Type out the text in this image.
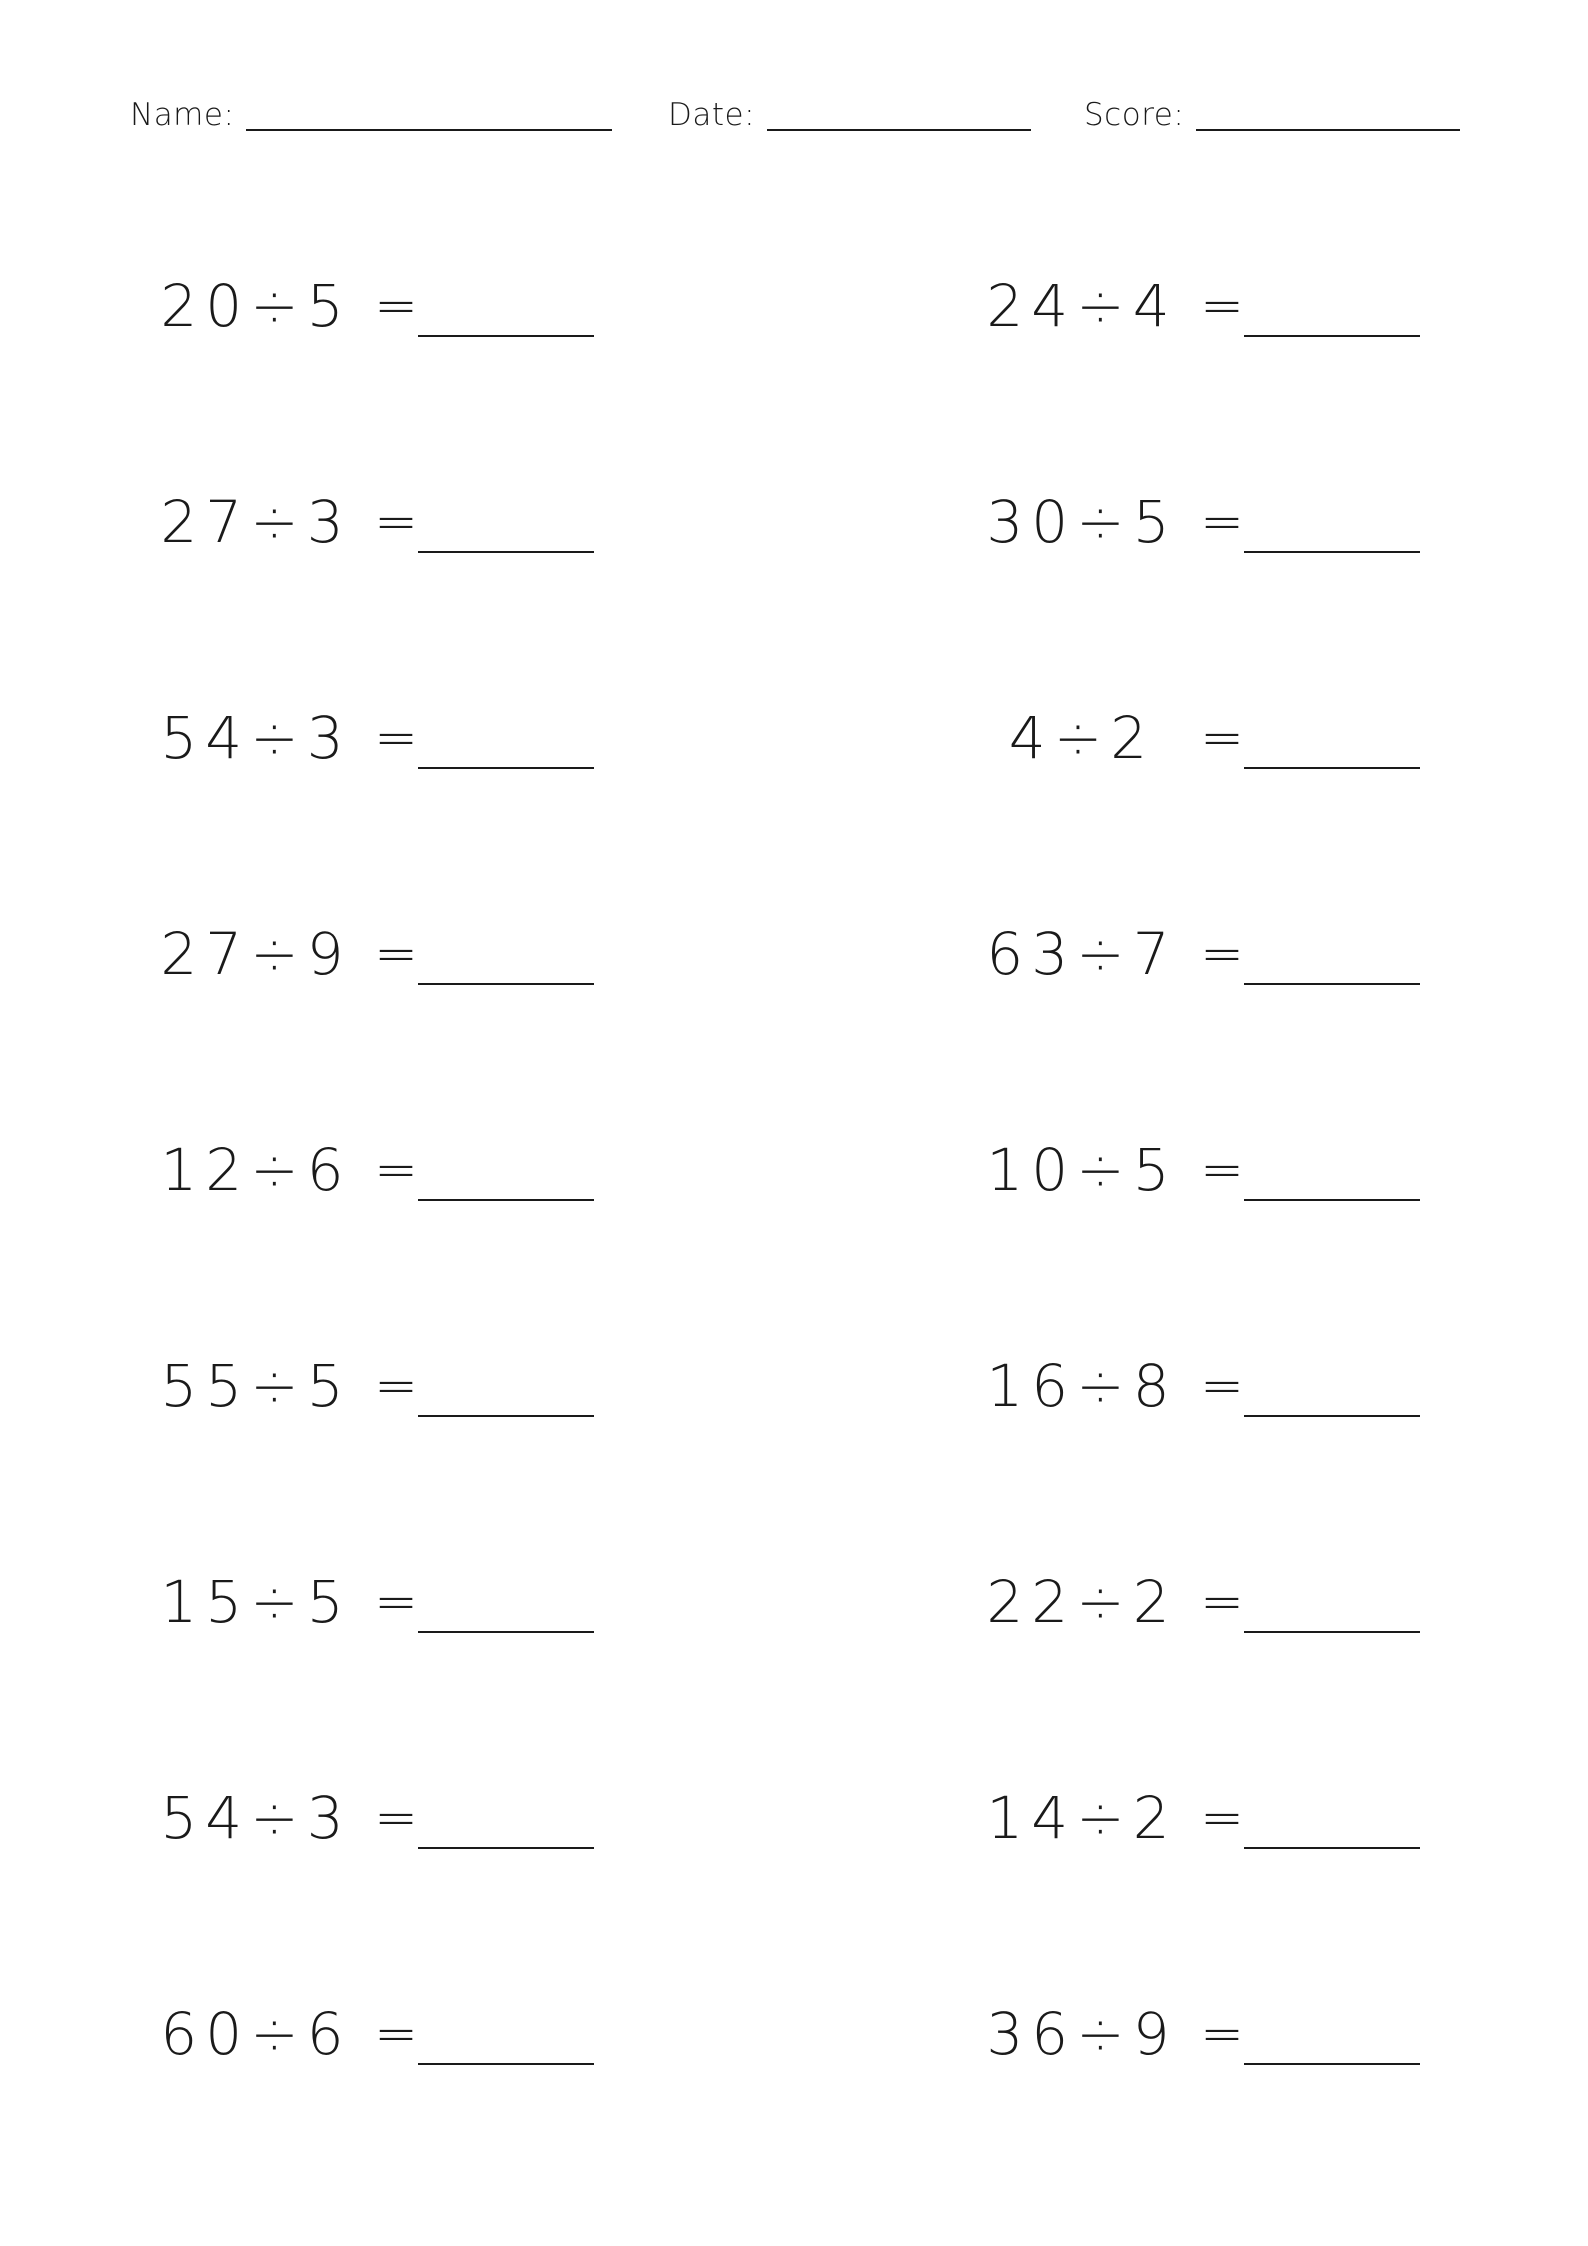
Name:	Date:	Score:
20÷5 =
27÷3 =
54÷3 =
27÷9 =
12÷6 =
55÷5 =
15÷5 =
54÷3 =
60÷6 =
24÷4 =
30÷5 =
4÷2 =
63÷7 =
10÷5 =
16÷8 =
22÷2 =
14÷2 =
36÷9 =
